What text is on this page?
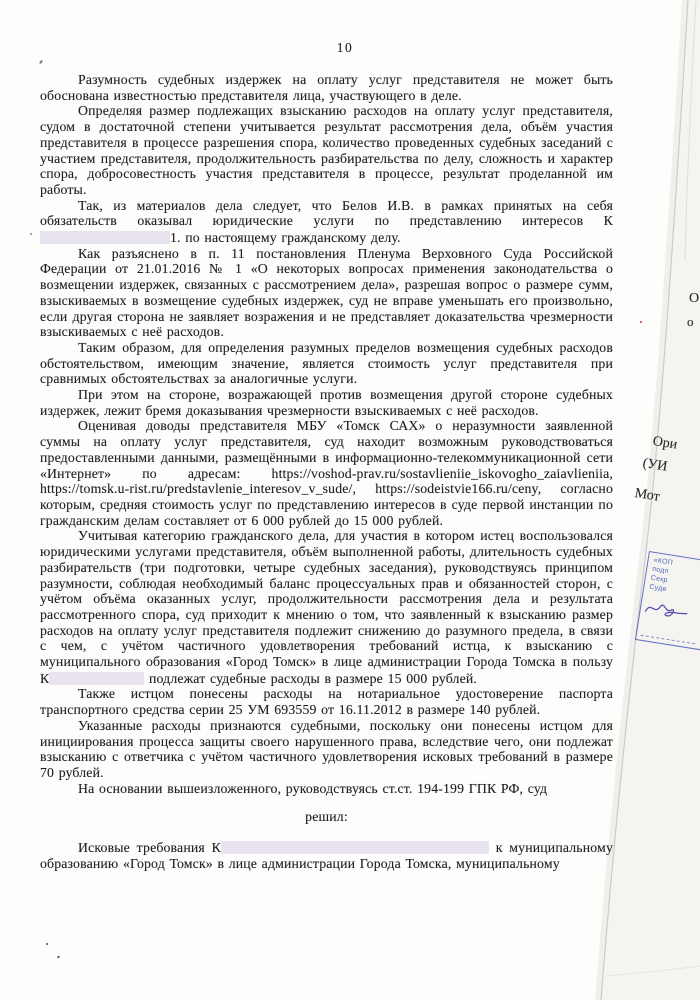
10

Разумность судебных издержек на оплату услуг представителя не может быть обоснована известностью представителя лица, участвующего в деле.

Определяя размер подлежащих взысканию расходов на оплату услуг представителя, судом в достаточной степени учитывается результат рассмотрения дела, объём участия представителя в процессе разрешения спора, количество проведенных судебных заседаний с участием представителя, продолжительность разбирательства по делу, сложность и характер спора, добросовестность участия представителя в процессе, результат проделанной им работы.

Так, из материалов дела следует, что Белов И.В. в рамках принятых на себя обязательств оказывал юридические услуги по представлению интересов К1. по настоящему гражданскому делу.

Как разъяснено в п. 11 постановления Пленума Верховного Суда Российской Федерации от 21.01.2016 № 1 «О некоторых вопросах применения законодательства о возмещении издержек, связанных с рассмотрением дела», разрешая вопрос о размере сумм, взыскиваемых в возмещение судебных издержек, суд не вправе уменьшать его произвольно, если другая сторона не заявляет возражения и не представляет доказательства чрезмерности взыскиваемых с неё расходов.

Таким образом, для определения разумных пределов возмещения судебных расходов обстоятельством, имеющим значение, является стоимость услуг представителя при сравнимых обстоятельствах за аналогичные услуги.

При этом на стороне, возражающей против возмещения другой стороне судебных издержек, лежит бремя доказывания чрезмерности взыскиваемых с неё расходов.

Оценивая доводы представителя МБУ «Томск САХ» о неразумности заявленной суммы на оплату услуг представителя, суд находит возможным руководствоваться предоставленными данными, размещёнными в информационно-телекоммуникационной сети «Интернет» по адресам: https://voshod-prav.ru/sostavlieniie_iskovogho_zaiavlieniia, https://tomsk.u-rist.ru/predstavlenie_interesov_v_sude/, https://sodeistvie166.ru/ceny, согласно которым, средняя стоимость услуг по представлению интересов в суде первой инстанции по гражданским делам составляет от 6 000 рублей до 15 000 рублей.

Учитывая категорию гражданского дела, для участия в котором истец воспользовался юридическими услугами представителя, объём выполненной работы, длительность судебных разбирательств (три подготовки, четыре судебных заседания), руководствуясь принципом разумности, соблюдая необходимый баланс процессуальных прав и обязанностей сторон, с учётом объёма оказанных услуг, продолжительности рассмотрения дела и результата рассмотренного спора, суд приходит к мнению о том, что заявленный к взысканию размер расходов на оплату услуг представителя подлежит снижению до разумного предела, в связи с чем, с учётом частичного удовлетворения требований истца, к взысканию с муниципального образования «Город Томск» в лице администрации Города Томска в пользу К	подлежат судебные расходы в размере 15 000 рублей.

Также истцом понесены расходы на нотариальное удостоверение паспорта транспортного средства серии 25 УМ 693559 от 16.11.2012 в размере 140 рублей.

Указанные расходы признаются судебными, поскольку они понесены истцом для инициирования процесса защиты своего нарушенного права, вследствие чего, они подлежат взысканию с ответчика с учётом частичного удовлетворения исковых требований в размере 70 рублей.

На основании вышеизложенного, руководствуясь ст.ст. 194-199 ГПК РФ, суд

решил:

Исковые требования К	к муниципальному образованию «Город Томск» в лице администрации Города Томска, муниципальному

О
о
Ори
(УИ
Мот
«КОП
подп
Секр
Суде
